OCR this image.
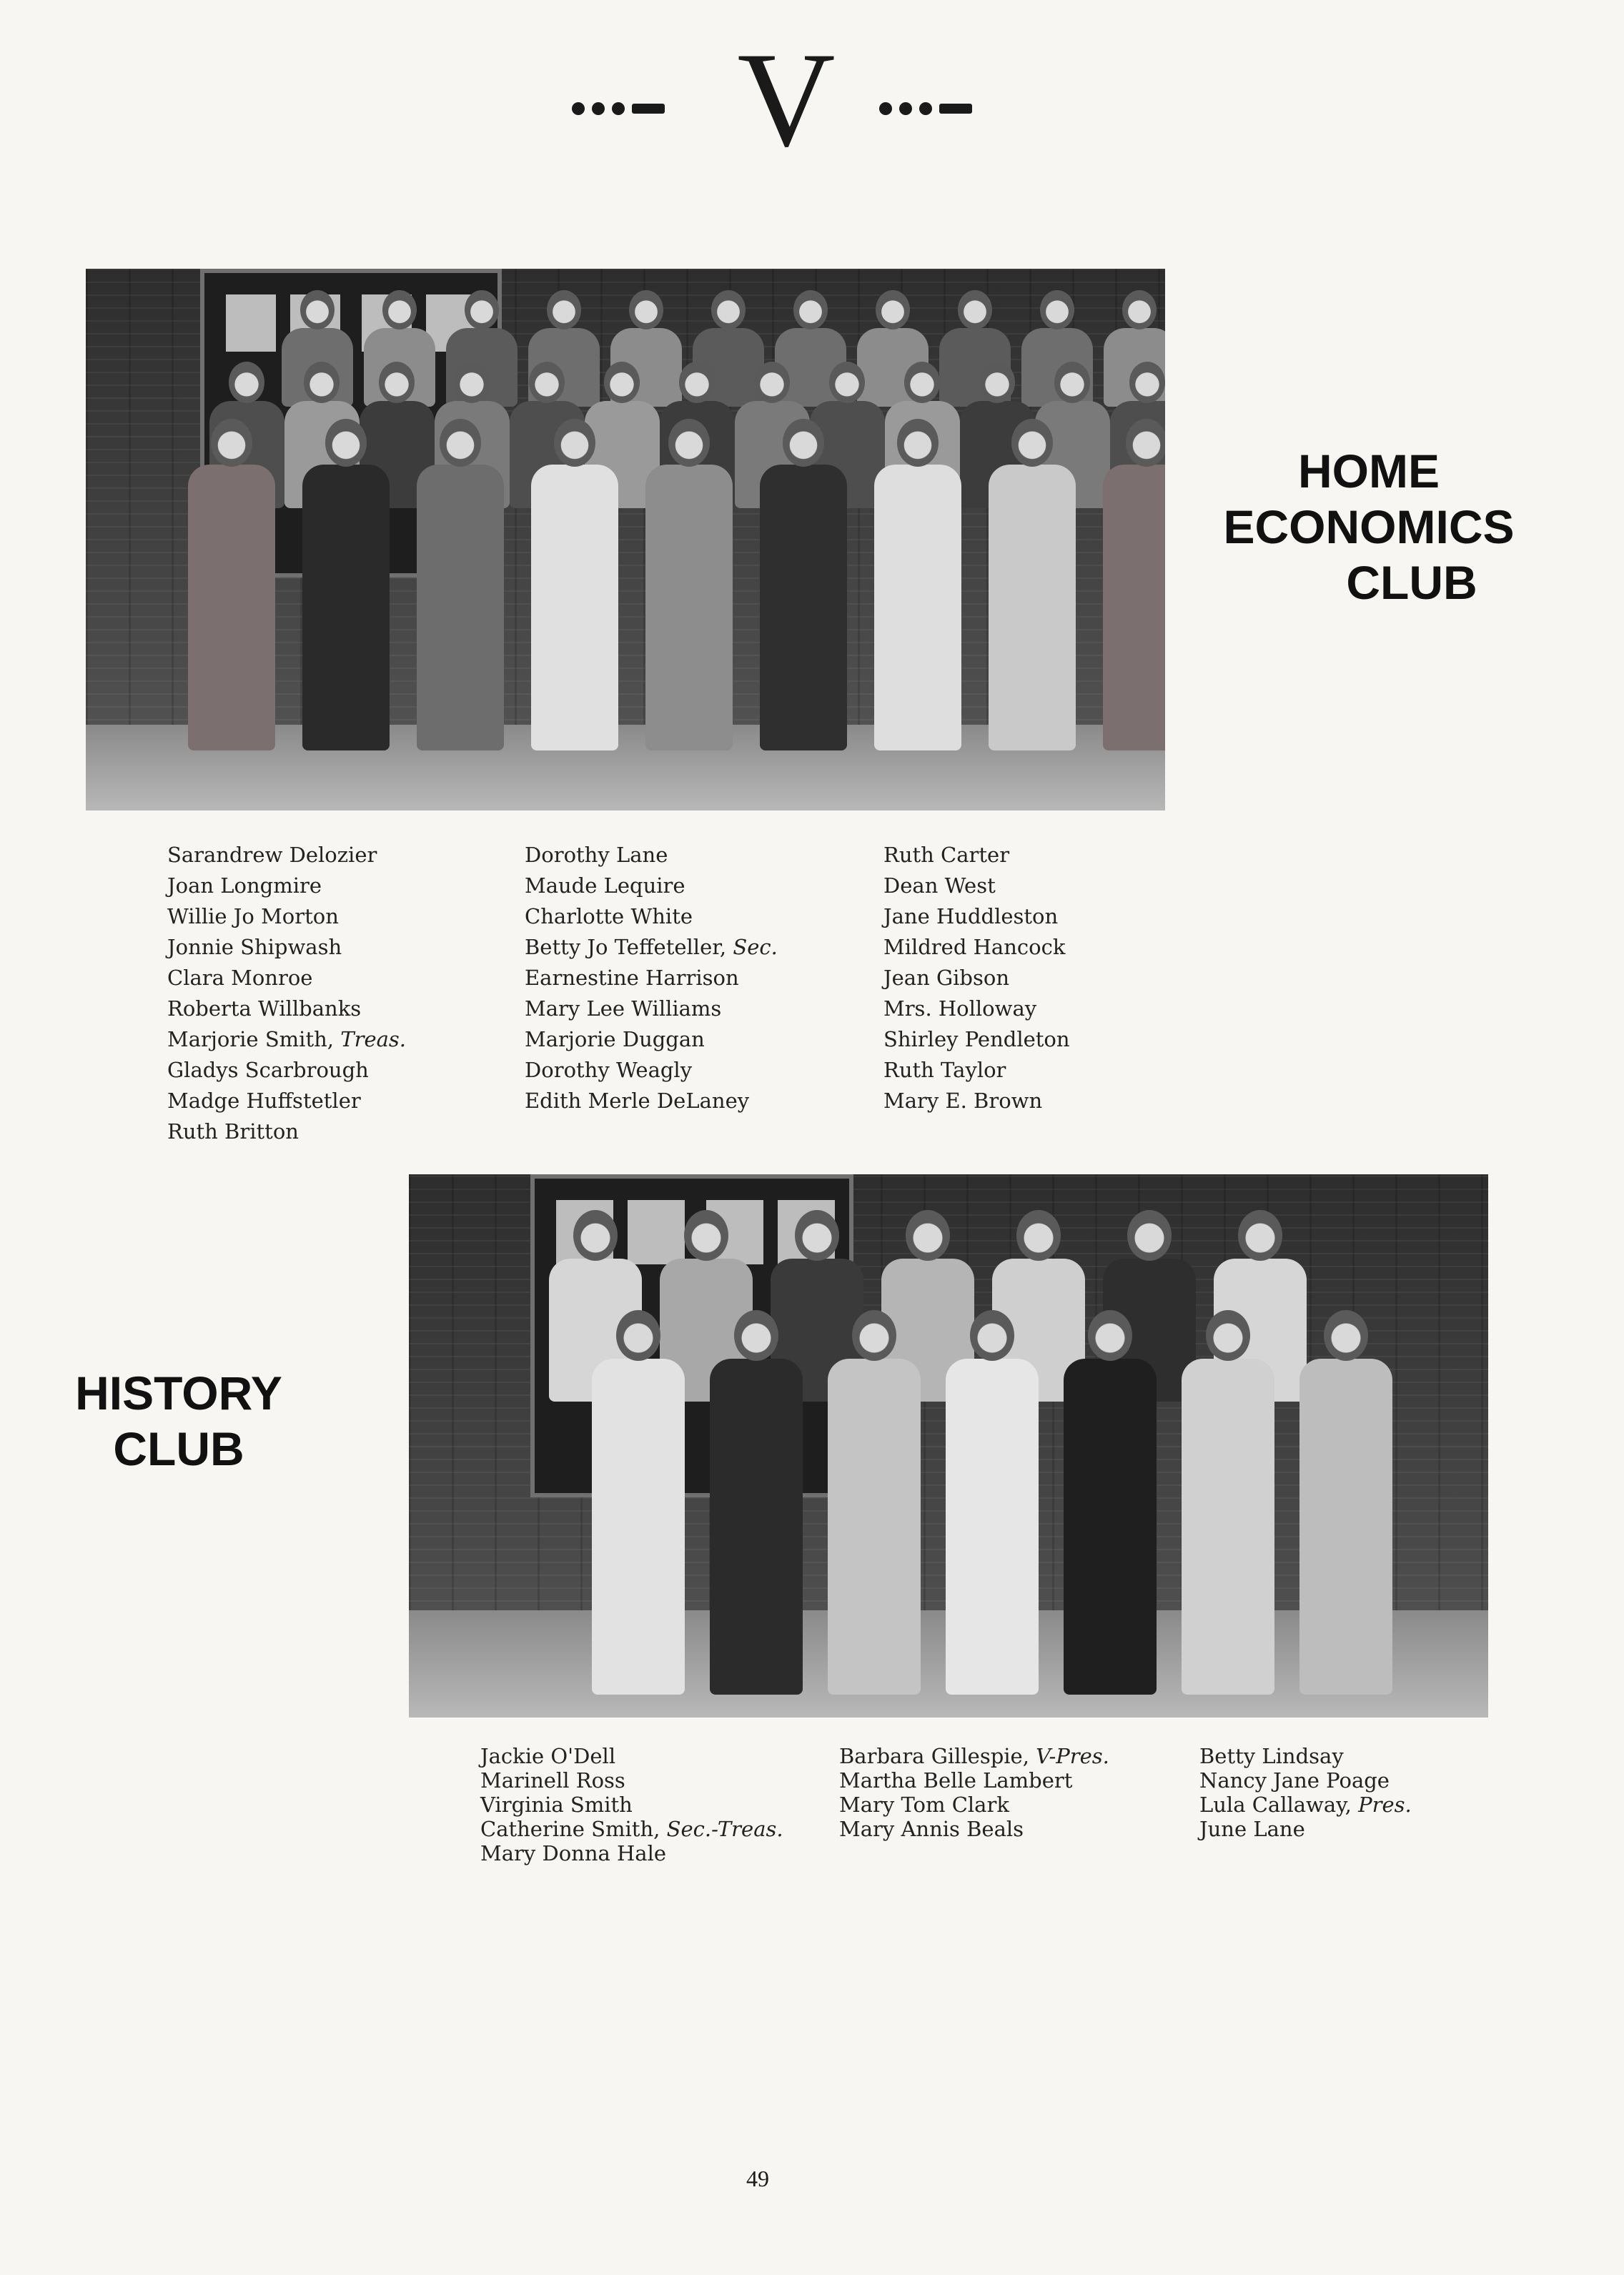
V
HOME
ECONOMICS
CLUB
Sarandrew Delozier
Joan Longmire
Willie Jo Morton
Jonnie Shipwash
Clara Monroe
Roberta Willbanks
Marjorie Smith, Treas.
Gladys Scarbrough
Madge Huffstetler
Ruth Britton
Dorothy Lane
Maude Lequire
Charlotte White
Betty Jo Teffeteller, Sec.
Earnestine Harrison
Mary Lee Williams
Marjorie Duggan
Dorothy Weagly
Edith Merle DeLaney
Ruth Carter
Dean West
Jane Huddleston
Mildred Hancock
Jean Gibson
Mrs. Holloway
Shirley Pendleton
Ruth Taylor
Mary E. Brown
HISTORY
CLUB
Jackie O'Dell
Marinell Ross
Virginia Smith
Catherine Smith, Sec.-Treas.
Mary Donna Hale
Barbara Gillespie, V-Pres.
Martha Belle Lambert
Mary Tom Clark
Mary Annis Beals
Betty Lindsay
Nancy Jane Poage
Lula Callaway, Pres.
June Lane
49
